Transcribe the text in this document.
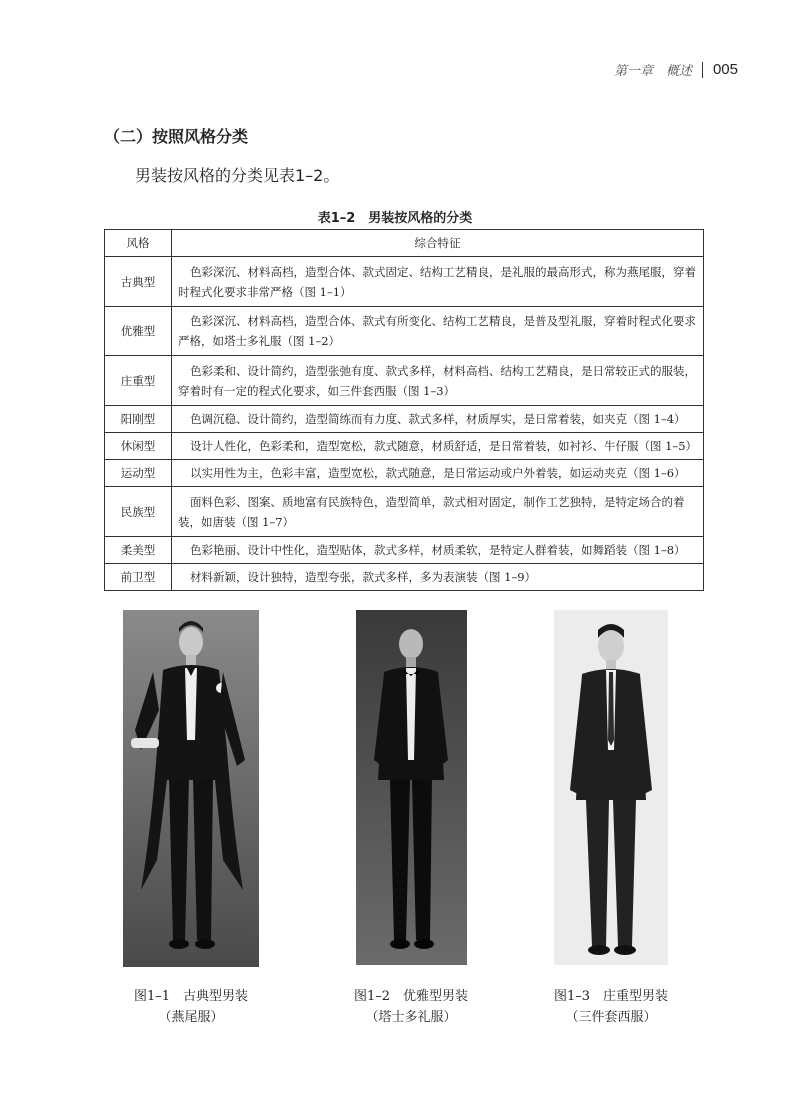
第一章　概述 005
（二）按照风格分类
男装按风格的分类见表1–2。
表1–2　男装按风格的分类
风格	综合特征
古典型	色彩深沉、材料高档，造型合体、款式固定、结构工艺精良，是礼服的最高形式，称为燕尾服，穿着时程式化要求非常严格（图 1–1）
优雅型	色彩深沉、材料高档，造型合体、款式有所变化、结构工艺精良，是普及型礼服，穿着时程式化要求严格，如塔士多礼服（图 1–2）
庄重型	色彩柔和、设计简约，造型张弛有度、款式多样，材料高档、结构工艺精良，是日常较正式的服装，穿着时有一定的程式化要求，如三件套西服（图 1–3）
阳刚型	色调沉稳、设计简约，造型简练而有力度、款式多样，材质厚实，是日常着装，如夹克（图 1–4）
休闲型	设计人性化，色彩柔和，造型宽松，款式随意，材质舒适，是日常着装，如衬衫、牛仔服（图 1–5）
运动型	以实用性为主，色彩丰富，造型宽松，款式随意，是日常运动或户外着装，如运动夹克（图 1–6）
民族型	面料色彩、图案、质地富有民族特色，造型简单，款式相对固定，制作工艺独特，是特定场合的着装，如唐装（图 1–7）
柔美型	色彩艳丽、设计中性化，造型贴体，款式多样，材质柔软，是特定人群着装，如舞蹈装（图 1–8）
前卫型	材料新颖，设计独特，造型夸张，款式多样，多为表演装（图 1–9）
图1–1　古典型男装
（燕尾服）
图1–2　优雅型男装
（塔士多礼服）
图1–3　庄重型男装
（三件套西服）
